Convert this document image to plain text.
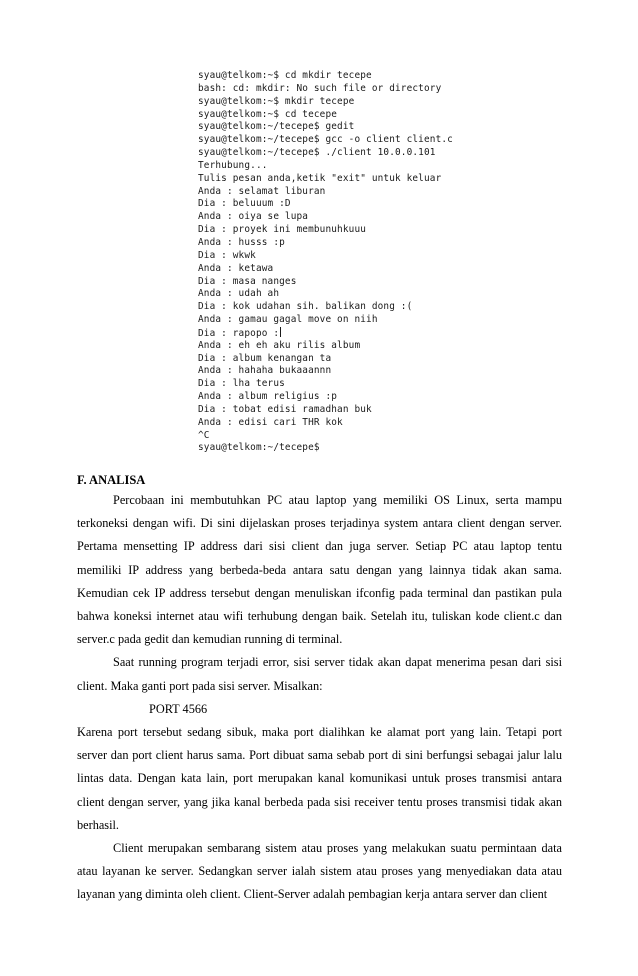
syau@telkom:~$ cd mkdir tecepe
bash: cd: mkdir: No such file or directory
syau@telkom:~$ mkdir tecepe
syau@telkom:~$ cd tecepe
syau@telkom:~/tecepe$ gedit
syau@telkom:~/tecepe$ gcc -o client client.c
syau@telkom:~/tecepe$ ./client 10.0.0.101
Terhubung...
Tulis pesan anda,ketik "exit" untuk keluar
Anda : selamat liburan
Dia : beluuum :D
Anda : oiya se lupa
Dia : proyek ini membunuhkuuu
Anda : husss :p
Dia : wkwk
Anda : ketawa
Dia : masa nanges
Anda : udah ah
Dia : kok udahan sih. balikan dong :(
Anda : gamau gagal move on niih
Dia : rapopo :
Anda : eh eh aku rilis album
Dia : album kenangan ta
Anda : hahaha bukaaannn
Dia : lha terus
Anda : album religius :p
Dia : tobat edisi ramadhan buk
Anda : edisi cari THR kok
^C
syau@telkom:~/tecepe$
F. ANALISA

Percobaan ini membutuhkan PC atau laptop yang memiliki OS Linux, serta mampu terkoneksi dengan wifi. Di sini dijelaskan proses terjadinya system antara client dengan server. Pertama mensetting IP address dari sisi client dan juga server. Setiap PC atau laptop tentu memiliki IP address yang berbeda-beda antara satu dengan yang lainnya tidak akan sama. Kemudian cek IP address tersebut dengan menuliskan ifconfig pada terminal dan pastikan pula bahwa koneksi internet atau wifi terhubung dengan baik. Setelah itu, tuliskan kode client.c dan server.c pada gedit dan kemudian running di terminal.

Saat running program terjadi error, sisi server tidak akan dapat menerima pesan dari sisi client. Maka ganti port pada sisi server. Misalkan:

PORT 4566

Karena port tersebut sedang sibuk, maka port dialihkan ke alamat port yang lain. Tetapi port server dan port client harus sama. Port dibuat sama sebab port di sini berfungsi sebagai jalur lalu lintas data. Dengan kata lain, port merupakan kanal komunikasi untuk proses transmisi antara client dengan server, yang jika kanal berbeda pada sisi receiver tentu proses transmisi tidak akan berhasil.

Client merupakan sembarang sistem atau proses yang melakukan suatu permintaan data atau layanan ke server. Sedangkan server ialah sistem atau proses yang menyediakan data atau layanan yang diminta oleh client. Client-Server adalah pembagian kerja antara server dan client
